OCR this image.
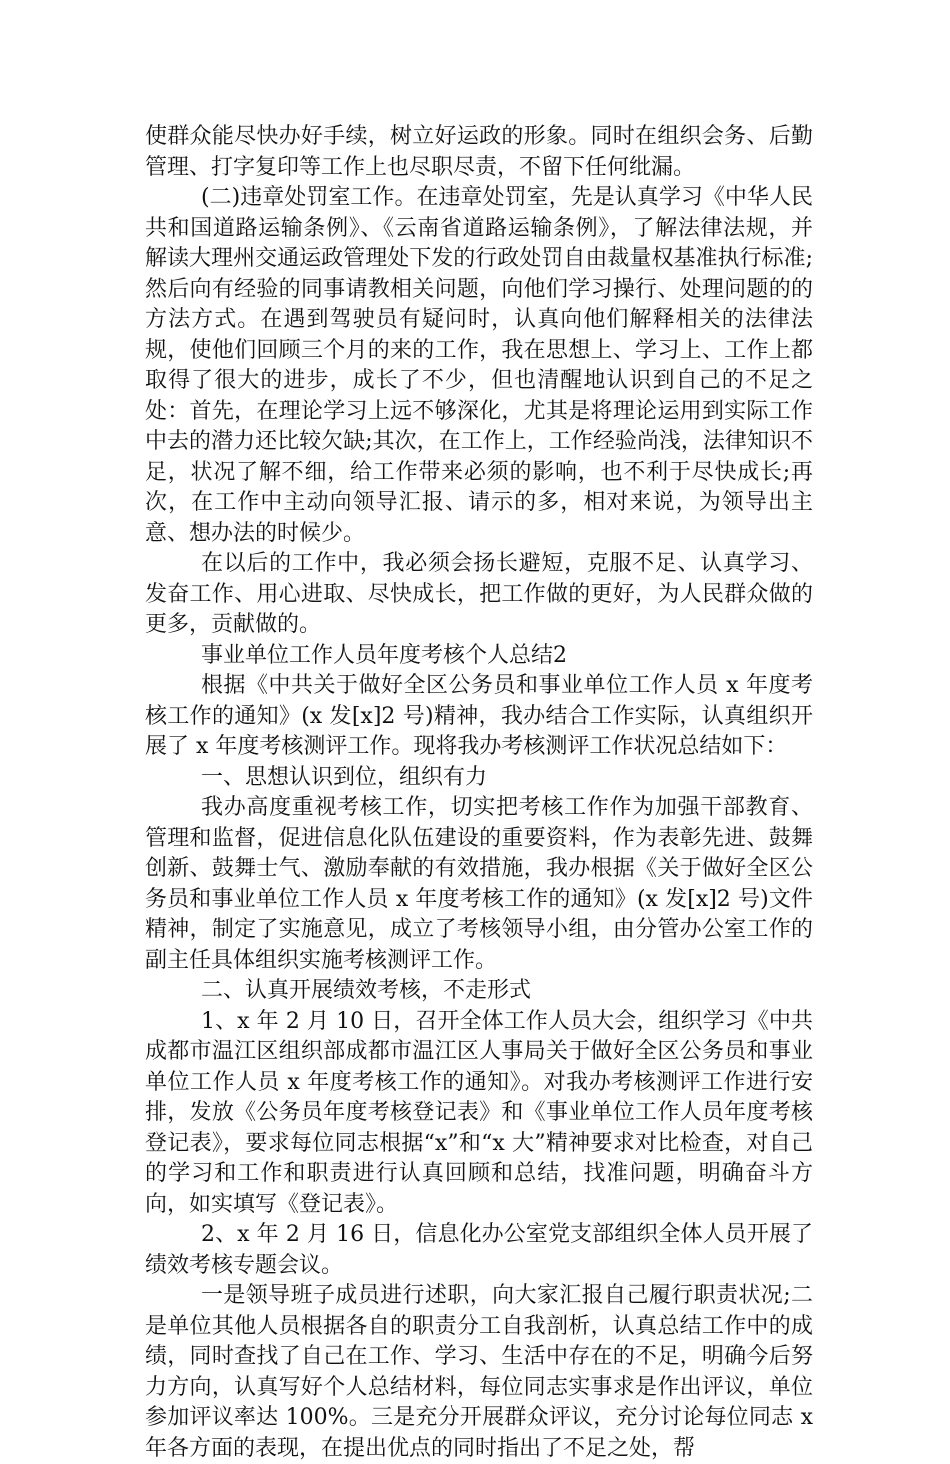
使群众能尽快办好手续，树立好运政的形象。同时在组织会务、后勤管理、打字复印等工作上也尽职尽责，不留下任何纰漏。

(二)违章处罚室工作。在违章处罚室，先是认真学习《中华人民共和国道路运输条例》、《云南省道路运输条例》，了解法律法规，并解读大理州交通运政管理处下发的行政处罚自由裁量权基准执行标准;然后向有经验的同事请教相关问题，向他们学习操行、处理问题的的方法方式。在遇到驾驶员有疑问时，认真向他们解释相关的法律法规，使他们回顾三个月的来的工作，我在思想上、学习上、工作上都取得了很大的进步，成长了不少，但也清醒地认识到自己的不足之处：首先，在理论学习上远不够深化，尤其是将理论运用到实际工作中去的潜力还比较欠缺;其次，在工作上，工作经验尚浅，法律知识不足，状况了解不细，给工作带来必须的影响，也不利于尽快成长;再次，在工作中主动向领导汇报、请示的多，相对来说，为领导出主意、想办法的时候少。

在以后的工作中，我必须会扬长避短，克服不足、认真学习、发奋工作、用心进取、尽快成长，把工作做的更好，为人民群众做的更多，贡献做的。

事业单位工作人员年度考核个人总结2

根据《中共关于做好全区公务员和事业单位工作人员 x 年度考核工作的通知》(x 发[x]2 号)精神，我办结合工作实际，认真组织开展了 x 年度考核测评工作。现将我办考核测评工作状况总结如下：

一、思想认识到位，组织有力

我办高度重视考核工作，切实把考核工作作为加强干部教育、管理和监督，促进信息化队伍建设的重要资料，作为表彰先进、鼓舞创新、鼓舞士气、激励奉献的有效措施，我办根据《关于做好全区公务员和事业单位工作人员 x 年度考核工作的通知》(x 发[x]2 号)文件精神，制定了实施意见，成立了考核领导小组，由分管办公室工作的副主任具体组织实施考核测评工作。

二、认真开展绩效考核，不走形式

1、x 年 2 月 10 日，召开全体工作人员大会，组织学习《中共成都市温江区组织部成都市温江区人事局关于做好全区公务员和事业单位工作人员 x 年度考核工作的通知》。对我办考核测评工作进行安排，发放《公务员年度考核登记表》和《事业单位工作人员年度考核登记表》，要求每位同志根据“x”和“x 大”精神要求对比检查，对自己的学习和工作和职责进行认真回顾和总结，找准问题，明确奋斗方向，如实填写《登记表》。

2、x 年 2 月 16 日，信息化办公室党支部组织全体人员开展了绩效考核专题会议。

一是领导班子成员进行述职，向大家汇报自己履行职责状况;二是单位其他人员根据各自的职责分工自我剖析，认真总结工作中的成绩，同时查找了自己在工作、学习、生活中存在的不足，明确今后努力方向，认真写好个人总结材料，每位同志实事求是作出评议，单位参加评议率达 100%。三是充分开展群众评议，充分讨论每位同志 x 年各方面的表现，在提出优点的同时指出了不足之处，帮
